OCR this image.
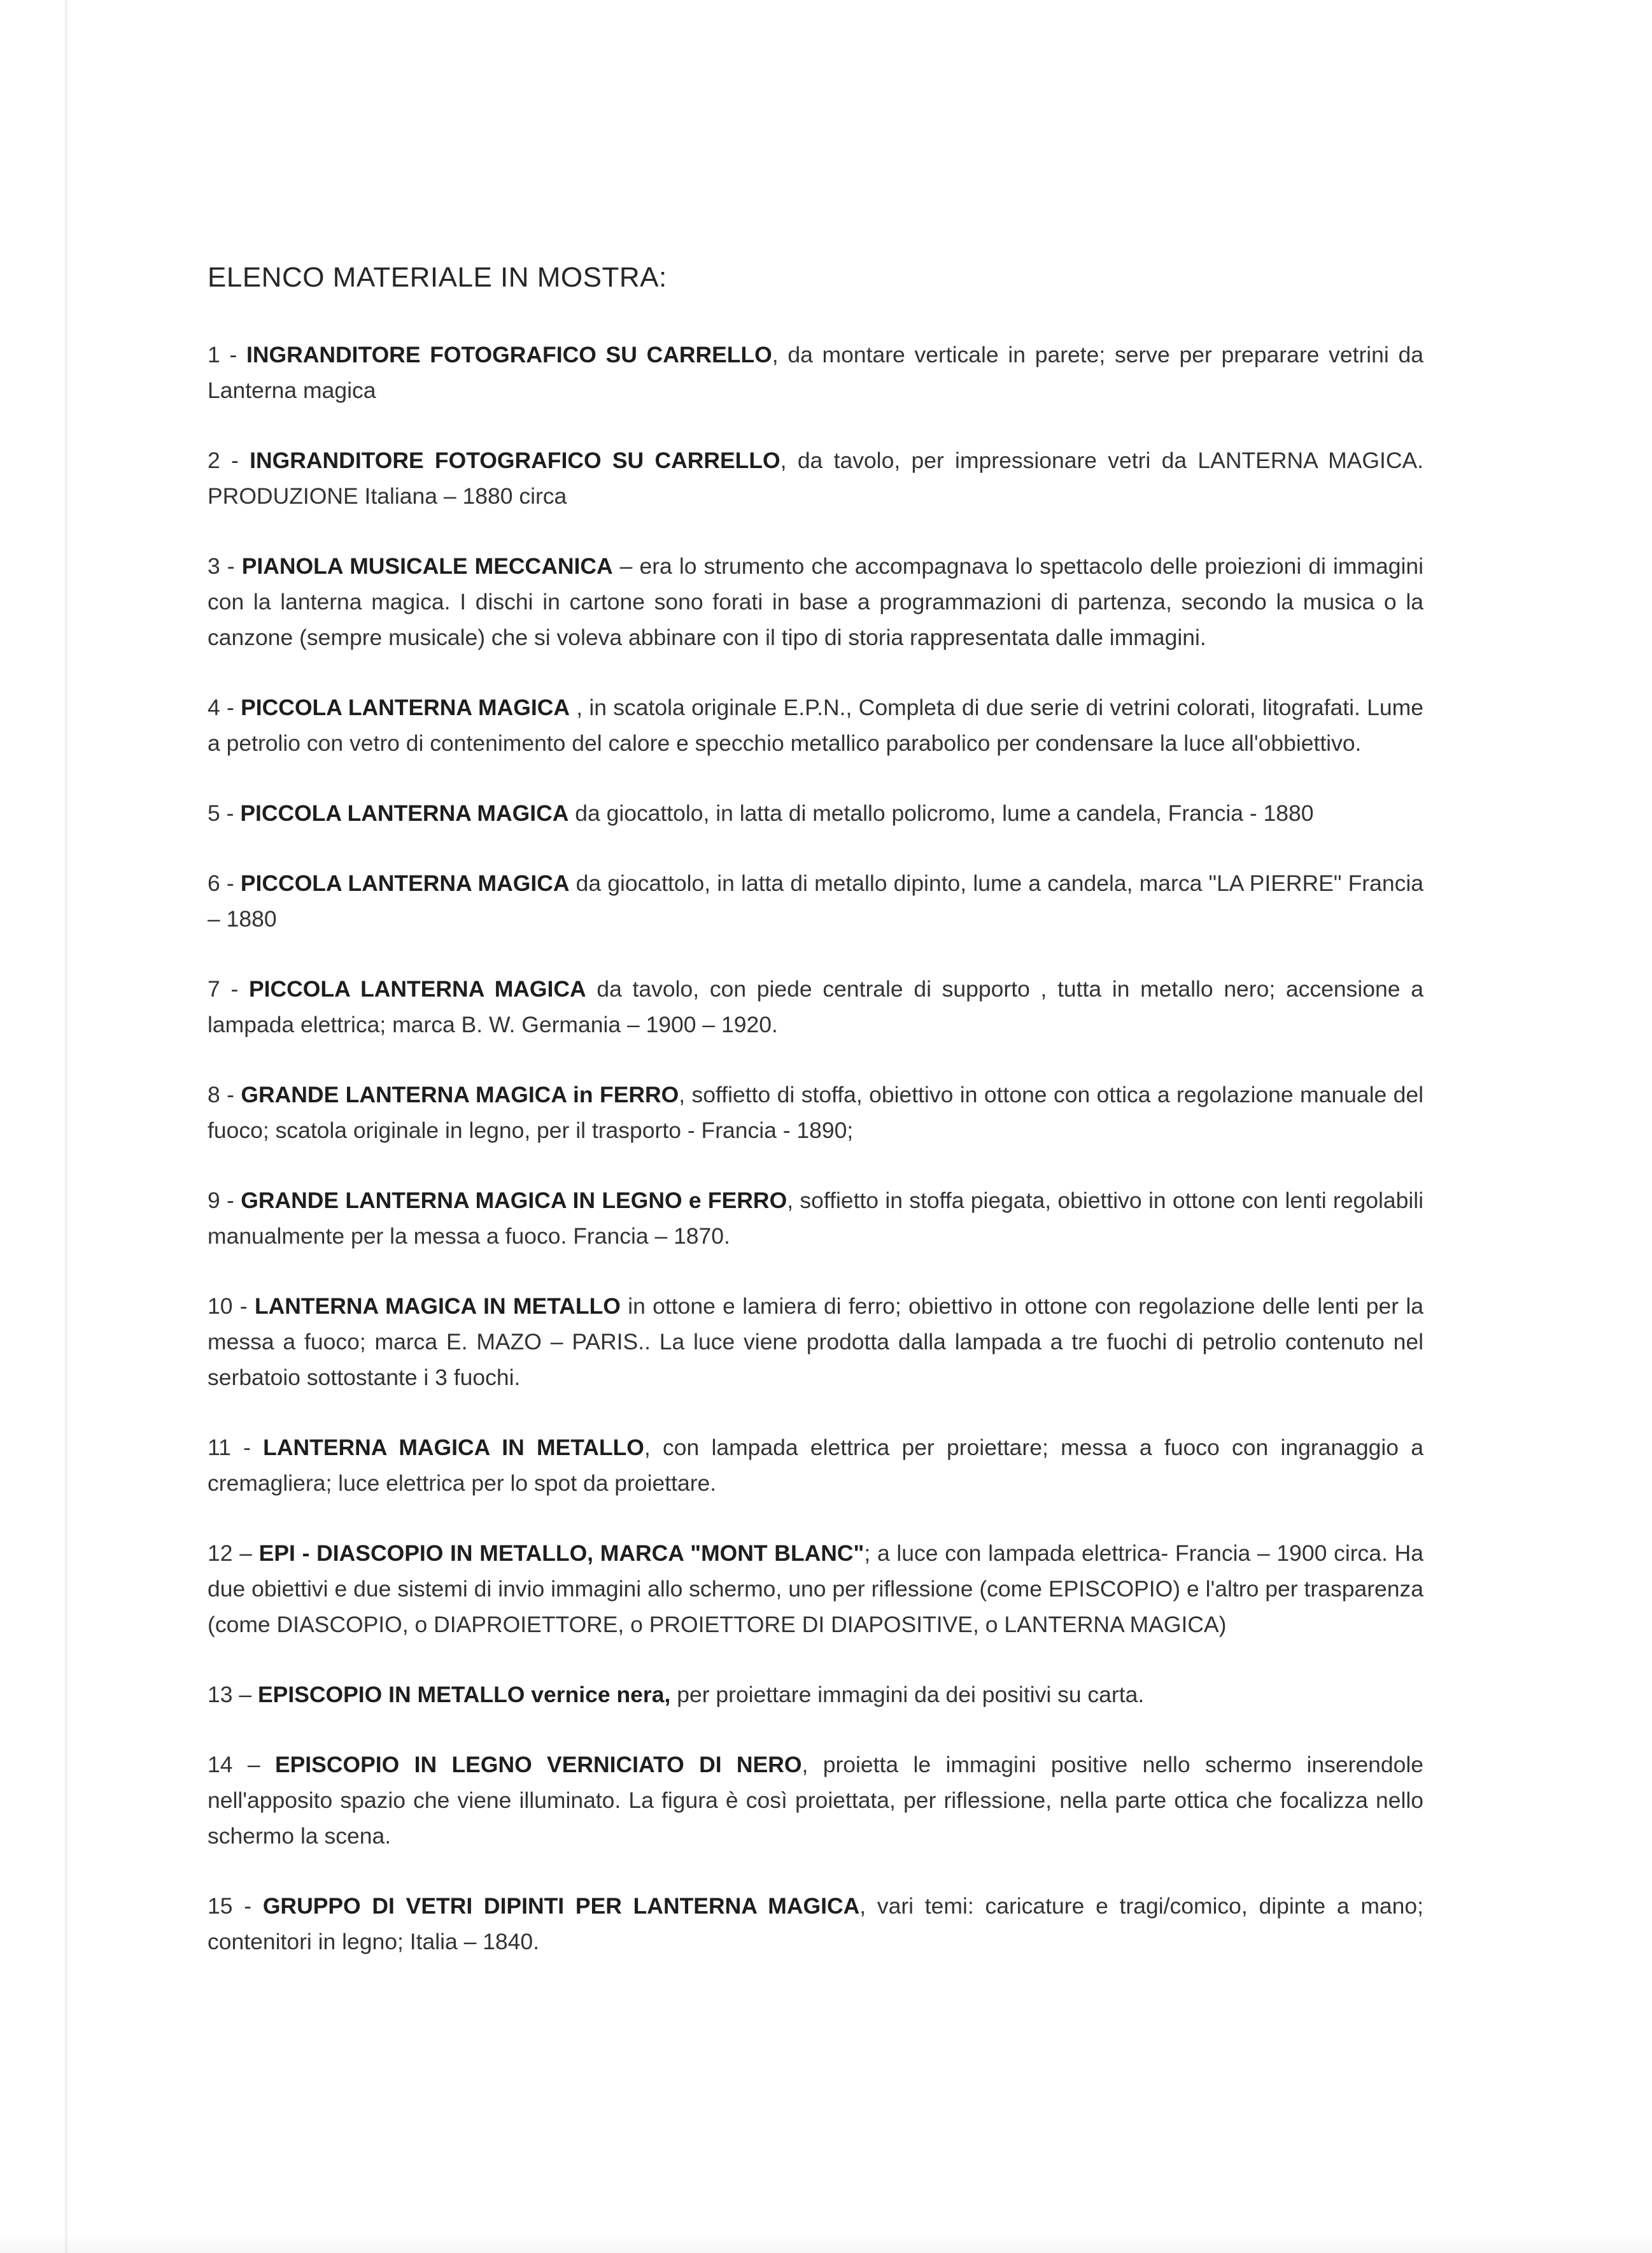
ELENCO MATERIALE IN MOSTRA:

1 - INGRANDITORE FOTOGRAFICO SU CARRELLO, da montare verticale in parete; serve per preparare vetrini da Lanterna magica

2 - INGRANDITORE FOTOGRAFICO SU CARRELLO, da tavolo, per impressionare vetri da LANTERNA MAGICA. PRODUZIONE Italiana – 1880 circa

3 - PIANOLA MUSICALE MECCANICA – era lo strumento che accompagnava lo spettacolo delle proiezioni di immagini con la lanterna magica. I dischi in cartone sono forati in base a programmazioni di partenza, secondo la musica o la canzone (sempre musicale) che si voleva abbinare con il tipo di storia rappresentata dalle immagini.

4 - PICCOLA LANTERNA MAGICA , in scatola originale E.P.N., Completa di due serie di vetrini colorati, litografati. Lume a petrolio con vetro di contenimento del calore e specchio metallico parabolico per condensare la luce all'obbiettivo.

5 - PICCOLA LANTERNA MAGICA da giocattolo, in latta di metallo policromo, lume a candela, Francia - 1880

6 - PICCOLA LANTERNA MAGICA da giocattolo, in latta di metallo dipinto, lume a candela, marca "LA PIERRE" Francia – 1880

7 - PICCOLA LANTERNA MAGICA da tavolo, con piede centrale di supporto , tutta in metallo nero; accensione a lampada elettrica; marca B. W. Germania – 1900 – 1920.

8 - GRANDE LANTERNA MAGICA in FERRO, soffietto di stoffa, obiettivo in ottone con ottica a regolazione manuale del fuoco; scatola originale in legno, per il trasporto - Francia - 1890;

9 - GRANDE LANTERNA MAGICA IN LEGNO e FERRO, soffietto in stoffa piegata, obiettivo in ottone con lenti regolabili manualmente per la messa a fuoco. Francia – 1870.

10 - LANTERNA MAGICA IN METALLO in ottone e lamiera di ferro; obiettivo in ottone con regolazione delle lenti per la messa a fuoco; marca E. MAZO – PARIS.. La luce viene prodotta dalla lampada a tre fuochi di petrolio contenuto nel serbatoio sottostante i 3 fuochi.

11 - LANTERNA MAGICA IN METALLO, con lampada elettrica per proiettare; messa a fuoco con ingranaggio a cremagliera; luce elettrica per lo spot da proiettare.

12 – EPI - DIASCOPIO IN METALLO, MARCA "MONT BLANC"; a luce con lampada elettrica- Francia – 1900 circa. Ha due obiettivi e due sistemi di invio immagini allo schermo, uno per riflessione (come EPISCOPIO) e l'altro per trasparenza (come DIASCOPIO, o DIAPROIETTORE, o PROIETTORE DI DIAPOSITIVE, o LANTERNA MAGICA)

13 – EPISCOPIO IN METALLO vernice nera, per proiettare immagini da dei positivi su carta.

14 – EPISCOPIO IN LEGNO VERNICIATO DI NERO, proietta le immagini positive nello schermo inserendole nell'apposito spazio che viene illuminato. La figura è così proiettata, per riflessione, nella parte ottica che focalizza nello schermo la scena.

15 - GRUPPO DI VETRI DIPINTI PER LANTERNA MAGICA, vari temi: caricature e tragi/comico, dipinte a mano; contenitori in legno; Italia – 1840.
